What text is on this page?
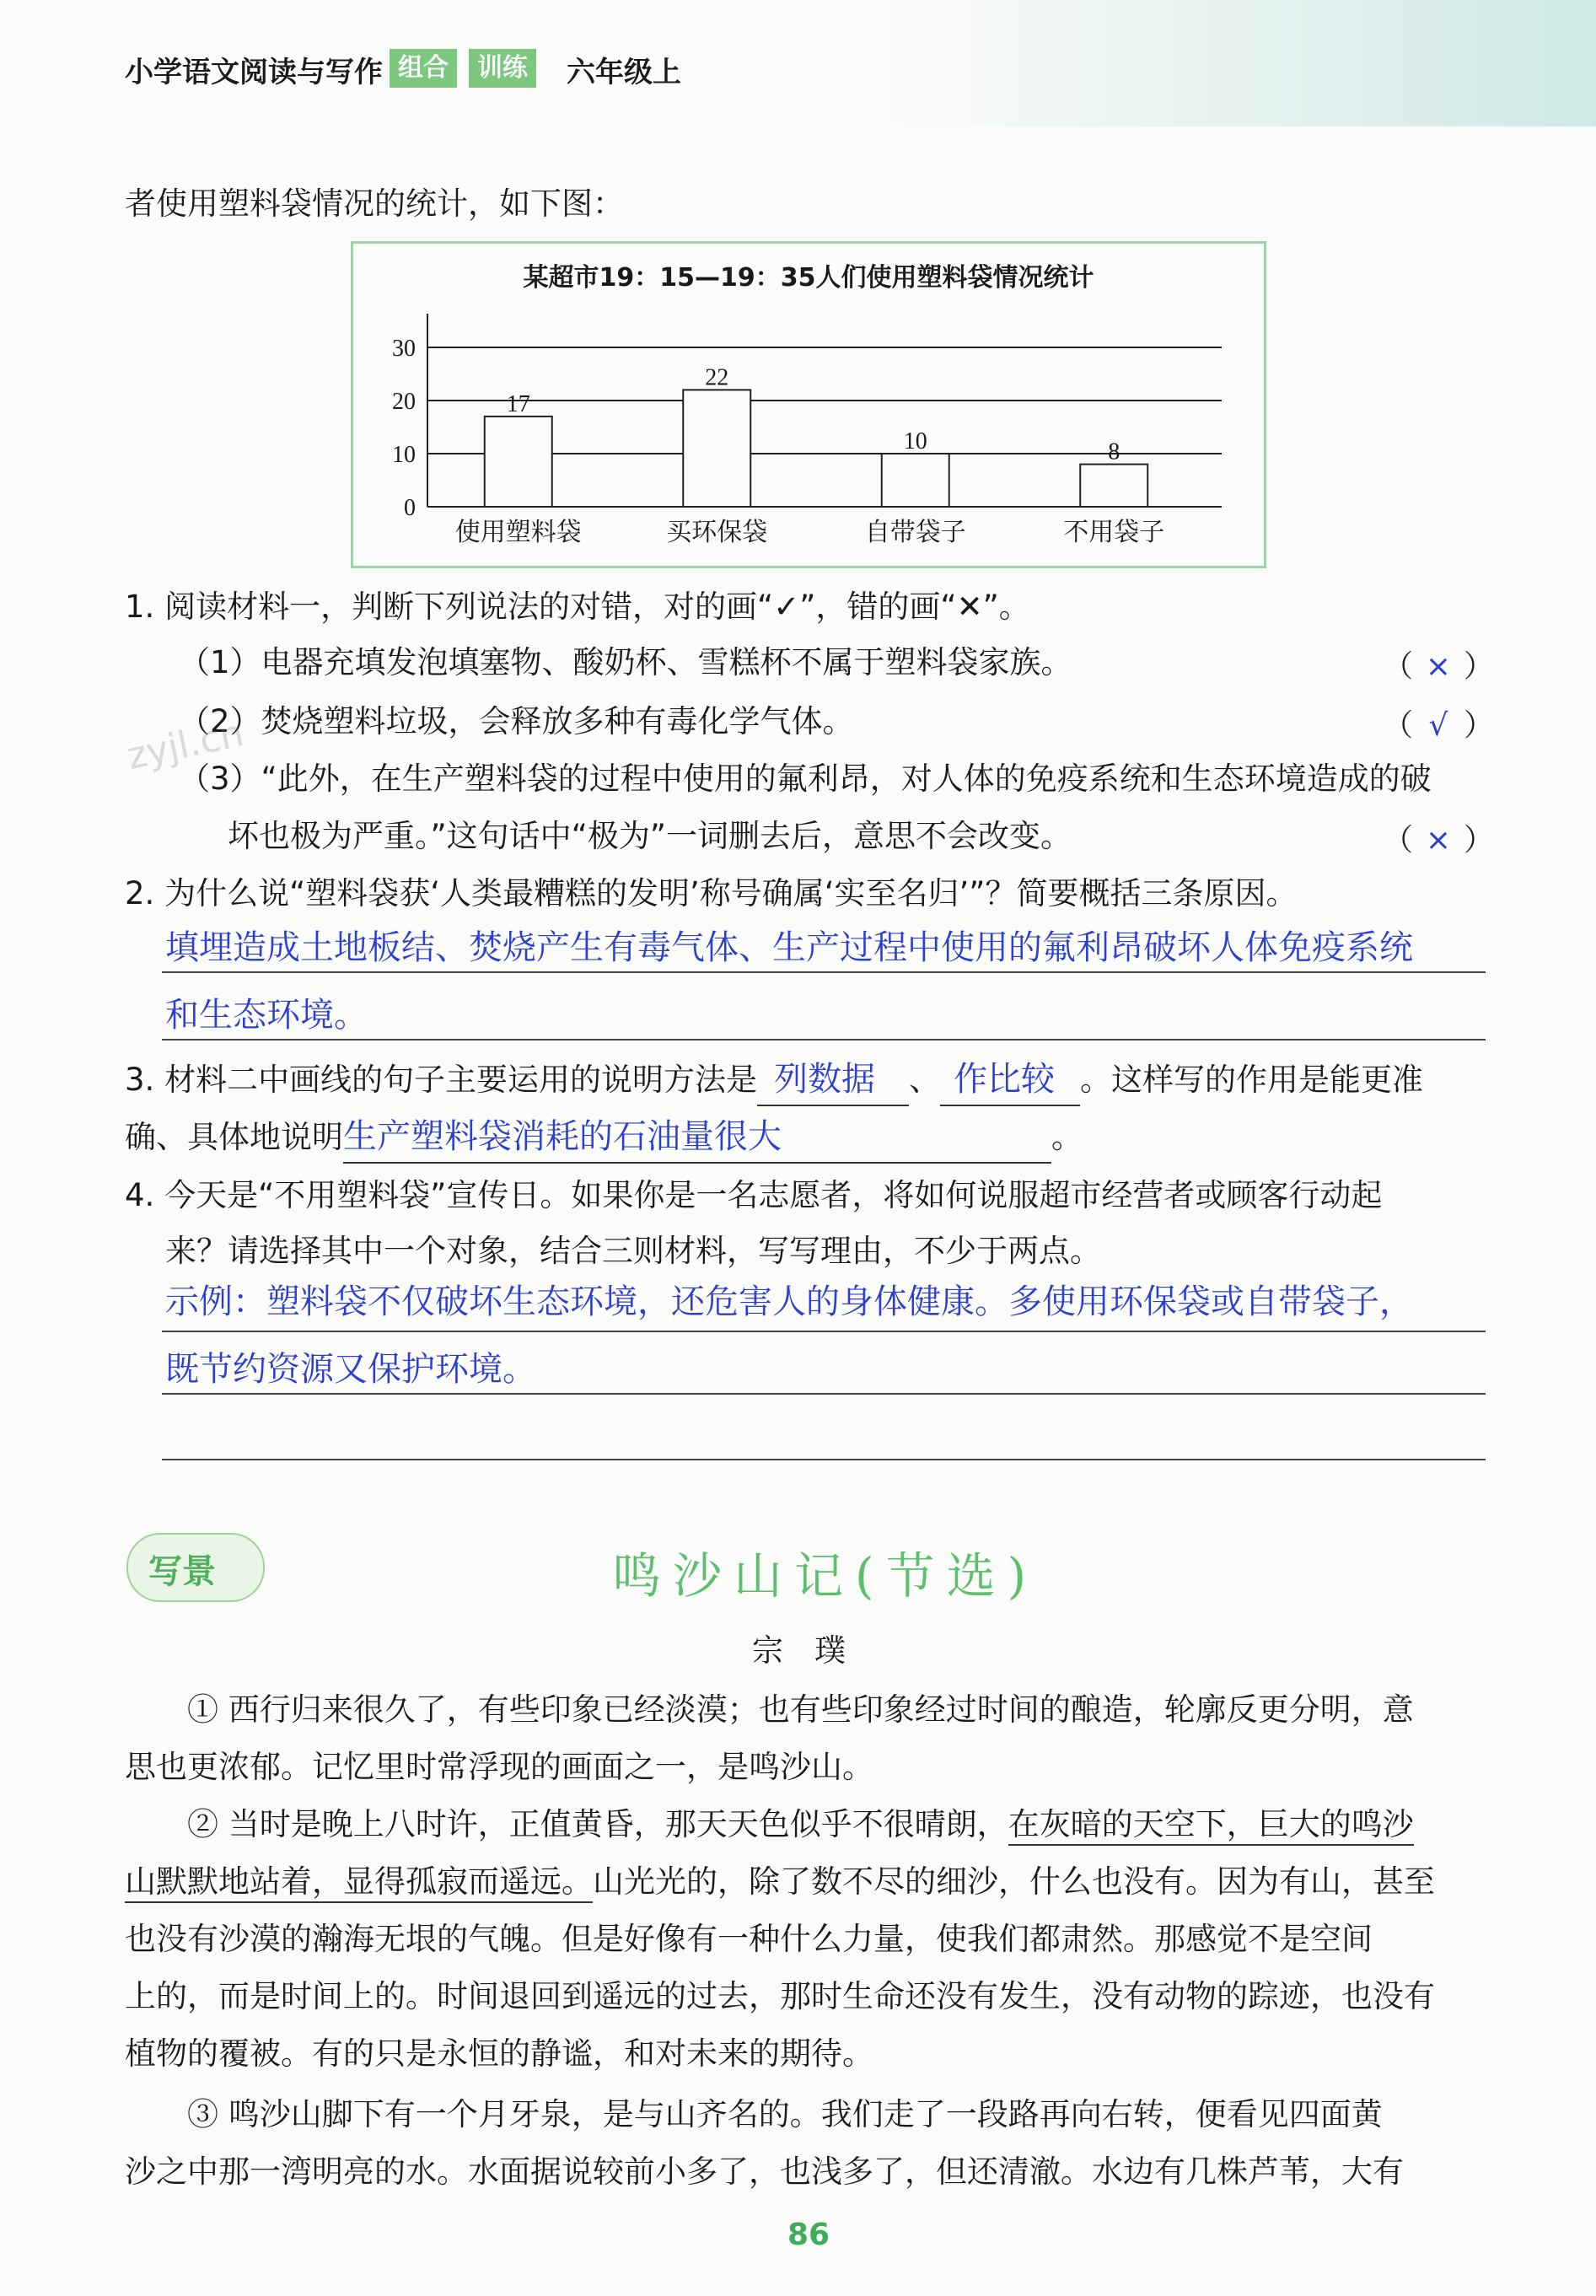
小学语文阅读与写作 组合	训练 六年级上
者使用塑料袋情况的统计，如下图：
某超市19：15—19：35人们使用塑料袋情况统计
0
10
20
30
17
使用塑料袋
22
买环保袋
10
自带袋子
8
不用袋子
1. 阅读材料一，判断下列说法的对错，对的画“✓”，错的画“✕”。
（1）电器充填发泡填塞物、酸奶杯、雪糕杯不属于塑料袋家族。	（ × ）
（2）焚烧塑料垃圾，会释放多种有毒化学气体。	（ √ ）
（3）“此外，在生产塑料袋的过程中使用的氟利昂，对人体的免疫系统和生态环境造成的破
坏也极为严重。”这句话中“极为”一词删去后，意思不会改变。	（ × ）
zyjl.cn
2. 为什么说“塑料袋获‘人类最糟糕的发明’称号确属‘实至名归’”？简要概括三条原因。
填埋造成土地板结、焚烧产生有毒气体、生产过程中使用的氟利昂破坏人体免疫系统
和生态环境。
3. 材料二中画线的句子主要运用的说明方法是 列数据 、 作比较 。这样写的作用是能更准
确、具体地说明生产塑料袋消耗的石油量很大	。
4. 今天是“不用塑料袋”宣传日。如果你是一名志愿者，将如何说服超市经营者或顾客行动起
来？请选择其中一个对象，结合三则材料，写写理由，不少于两点。
示例：塑料袋不仅破坏生态环境，还危害人的身体健康。多使用环保袋或自带袋子，
既节约资源又保护环境。
写景	鸣沙山记(节选)
宗　璞
① 西行归来很久了，有些印象已经淡漠；也有些印象经过时间的酿造，轮廓反更分明，意
思也更浓郁。记忆里时常浮现的画面之一，是鸣沙山。
② 当时是晚上八时许，正值黄昏，那天天色似乎不很晴朗，在灰暗的天空下，巨大的鸣沙
山默默地站着，显得孤寂而遥远。山光光的，除了数不尽的细沙，什么也没有。因为有山，甚至
也没有沙漠的瀚海无垠的气魄。但是好像有一种什么力量，使我们都肃然。那感觉不是空间
上的，而是时间上的。时间退回到遥远的过去，那时生命还没有发生，没有动物的踪迹，也没有
植物的覆被。有的只是永恒的静谧，和对未来的期待。
③ 鸣沙山脚下有一个月牙泉，是与山齐名的。我们走了一段路再向右转，便看见四面黄
沙之中那一湾明亮的水。水面据说较前小多了，也浅多了，但还清澈。水边有几株芦苇，大有
86
